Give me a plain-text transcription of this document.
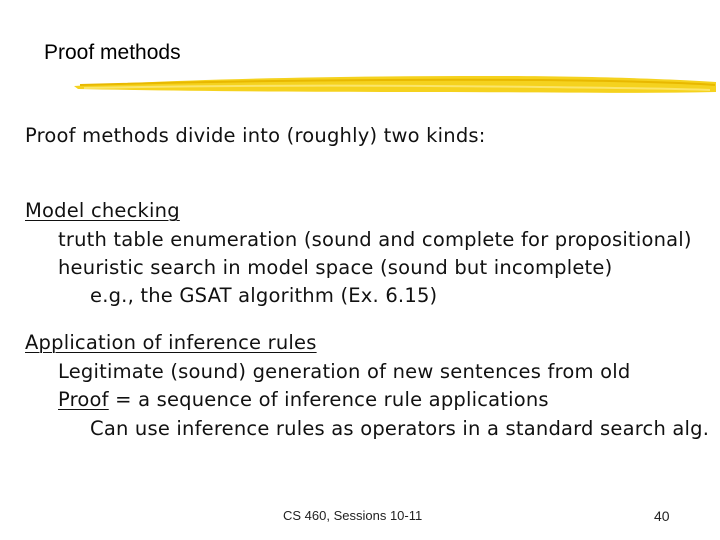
Proof methods
Proof methods divide into (roughly) two kinds:
Model checking
truth table enumeration (sound and complete for propositional)
heuristic search in model space (sound but incomplete)
e.g., the GSAT algorithm (Ex. 6.15)
Application of inference rules
Legitimate (sound) generation of new sentences from old
Proof = a sequence of inference rule applications
Can use inference rules as operators in a standard search alg.
CS 460, Sessions 10-11	40
